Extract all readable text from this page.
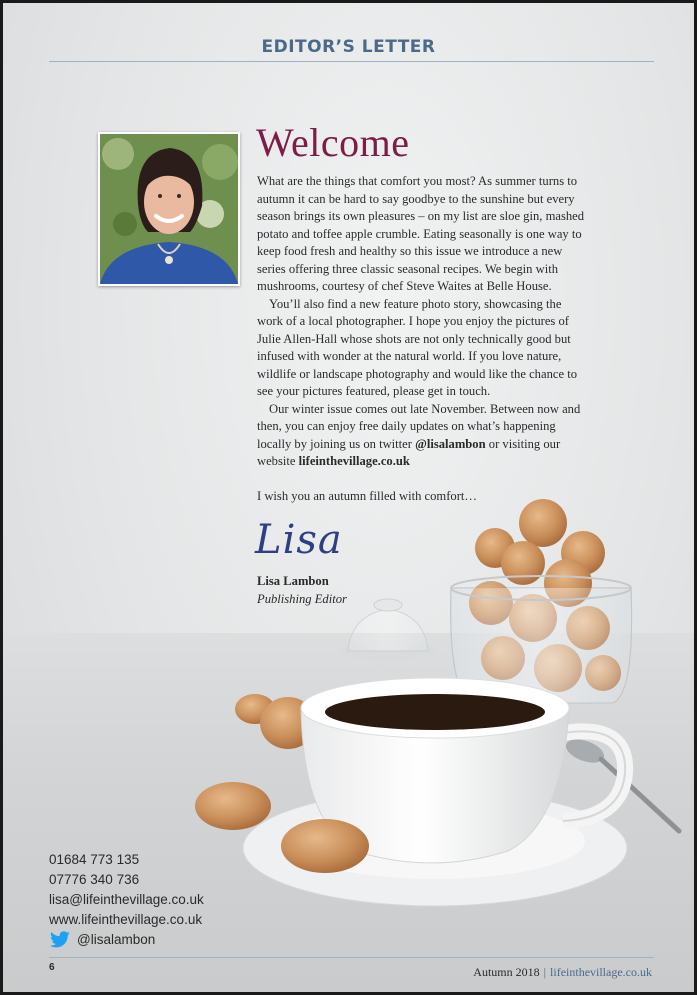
EDITOR’S LETTER
Welcome

What are the things that comfort you most? As summer turns to autumn it can be hard to say goodbye to the sunshine but every season brings its own pleasures – on my list are sloe gin, mashed potato and toffee apple crumble. Eating seasonally is one way to keep food fresh and healthy so this issue we introduce a new series offering three classic seasonal recipes. We begin with mushrooms, courtesy of chef Steve Waites at Belle House.

You’ll also find a new feature photo story, showcasing the work of a local photographer. I hope you enjoy the pictures of Julie Allen-Hall whose shots are not only technically good but infused with wonder at the natural world. If you love nature, wildlife or landscape photography and would like the chance to see your pictures featured, please get in touch.

Our winter issue comes out late November. Between now and then, you can enjoy free daily updates on what’s happening locally by joining us on twitter @lisalambon or visiting our website lifeinthevillage.co.uk

I wish you an autumn filled with comfort…

Lisa
Lisa Lambon
Publishing Editor
01684 773 135
07776 340 736
lisa@lifeinthevillage.co.uk
www.lifeinthevillage.co.uk
@lisalambon
6	Autumn 2018 | lifeinthevillage.co.uk
